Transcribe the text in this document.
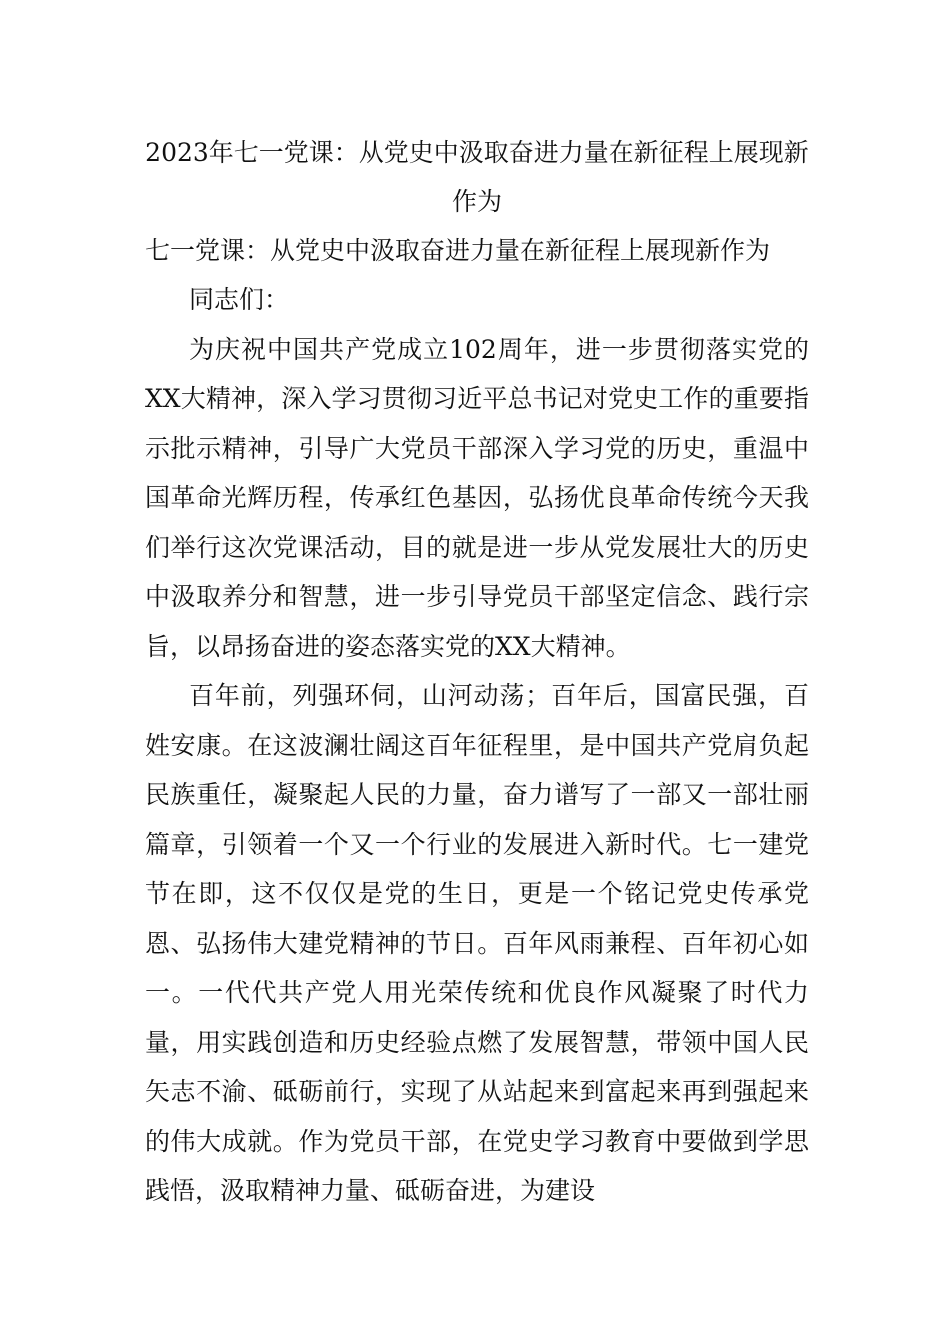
2023年七一党课：从党史中汲取奋进力量在新征程上展现新作为

七一党课：从党史中汲取奋进力量在新征程上展现新作为

同志们：

为庆祝中国共产党成立102周年，进一步贯彻落实党的XX大精神，深入学习贯彻习近平总书记对党史工作的重要指示批示精神，引导广大党员干部深入学习党的历史，重温中国革命光辉历程，传承红色基因，弘扬优良革命传统今天我们举行这次党课活动，目的就是进一步从党发展壮大的历史中汲取养分和智慧，进一步引导党员干部坚定信念、践行宗旨，以昂扬奋进的姿态落实党的XX大精神。

百年前，列强环伺，山河动荡；百年后，国富民强，百姓安康。在这波澜壮阔这百年征程里，是中国共产党肩负起民族重任，凝聚起人民的力量，奋力谱写了一部又一部壮丽篇章，引领着一个又一个行业的发展进入新时代。七一建党节在即，这不仅仅是党的生日，更是一个铭记党史传承党恩、弘扬伟大建党精神的节日。百年风雨兼程、百年初心如一。一代代共产党人用光荣传统和优良作风凝聚了时代力量，用实践创造和历史经验点燃了发展智慧，带领中国人民矢志不渝、砥砺前行，实现了从站起来到富起来再到强起来的伟大成就。作为党员干部，在党史学习教育中要做到学思践悟，汲取精神力量、砥砺奋进，为建设
